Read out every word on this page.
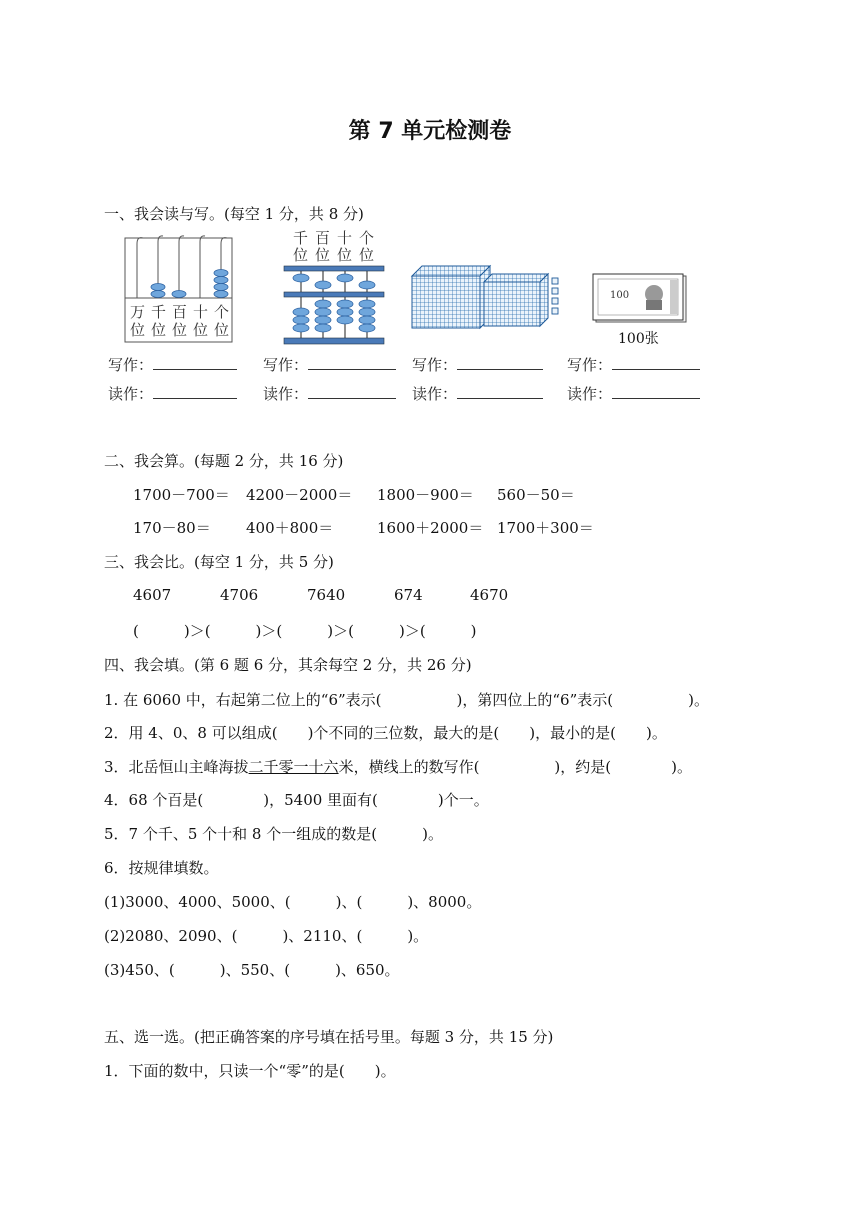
第 7 单元检测卷
一、我会读与写。(每空 1 分，共 8 分)
万 千 百 十 个
位 位 位 位 位
千 百 十 个
位 位 位 位
100
100张
写作：	写作：	写作：	写作：
读作：	读作：	读作：	读作：
二、我会算。(每题 2 分，共 16 分)
1700－700＝ 4200－2000＝ 1800－900＝ 560－50＝
170－80＝ 400＋800＝	1600＋2000＝ 1700＋300＝
三、我会比。(每空 1 分，共 5 分)
4607	4706	7640	674	4670
(　　　)＞(　　　)＞(　　　)＞(　　　)＞(　　　)
四、我会填。(第 6 题 6 分，其余每空 2 分，共 26 分)
1. 在 6060 中，右起第二位上的“6”表示(　　　　　)，第四位上的“6”表示(　　　　　)。
2．用 4、0、8 可以组成(　　)个不同的三位数，最大的是(　　)，最小的是(　　)。
3．北岳恒山主峰海拔二千零一十六米，横线上的数写作(　　　　　)，约是(　　　　)。
4．68 个百是(　　　　)，5400 里面有(　　　　)个一。
5．7 个千、5 个十和 8 个一组成的数是(　　　)。
6．按规律填数。
(1)3000、4000、5000、(　　　)、(　　　)、8000。
(2)2080、2090、(　　　)、2110、(　　　)。
(3)450、(　　　)、550、(　　　)、650。
五、选一选。(把正确答案的序号填在括号里。每题 3 分，共 15 分)
1．下面的数中，只读一个“零”的是(　　)。
